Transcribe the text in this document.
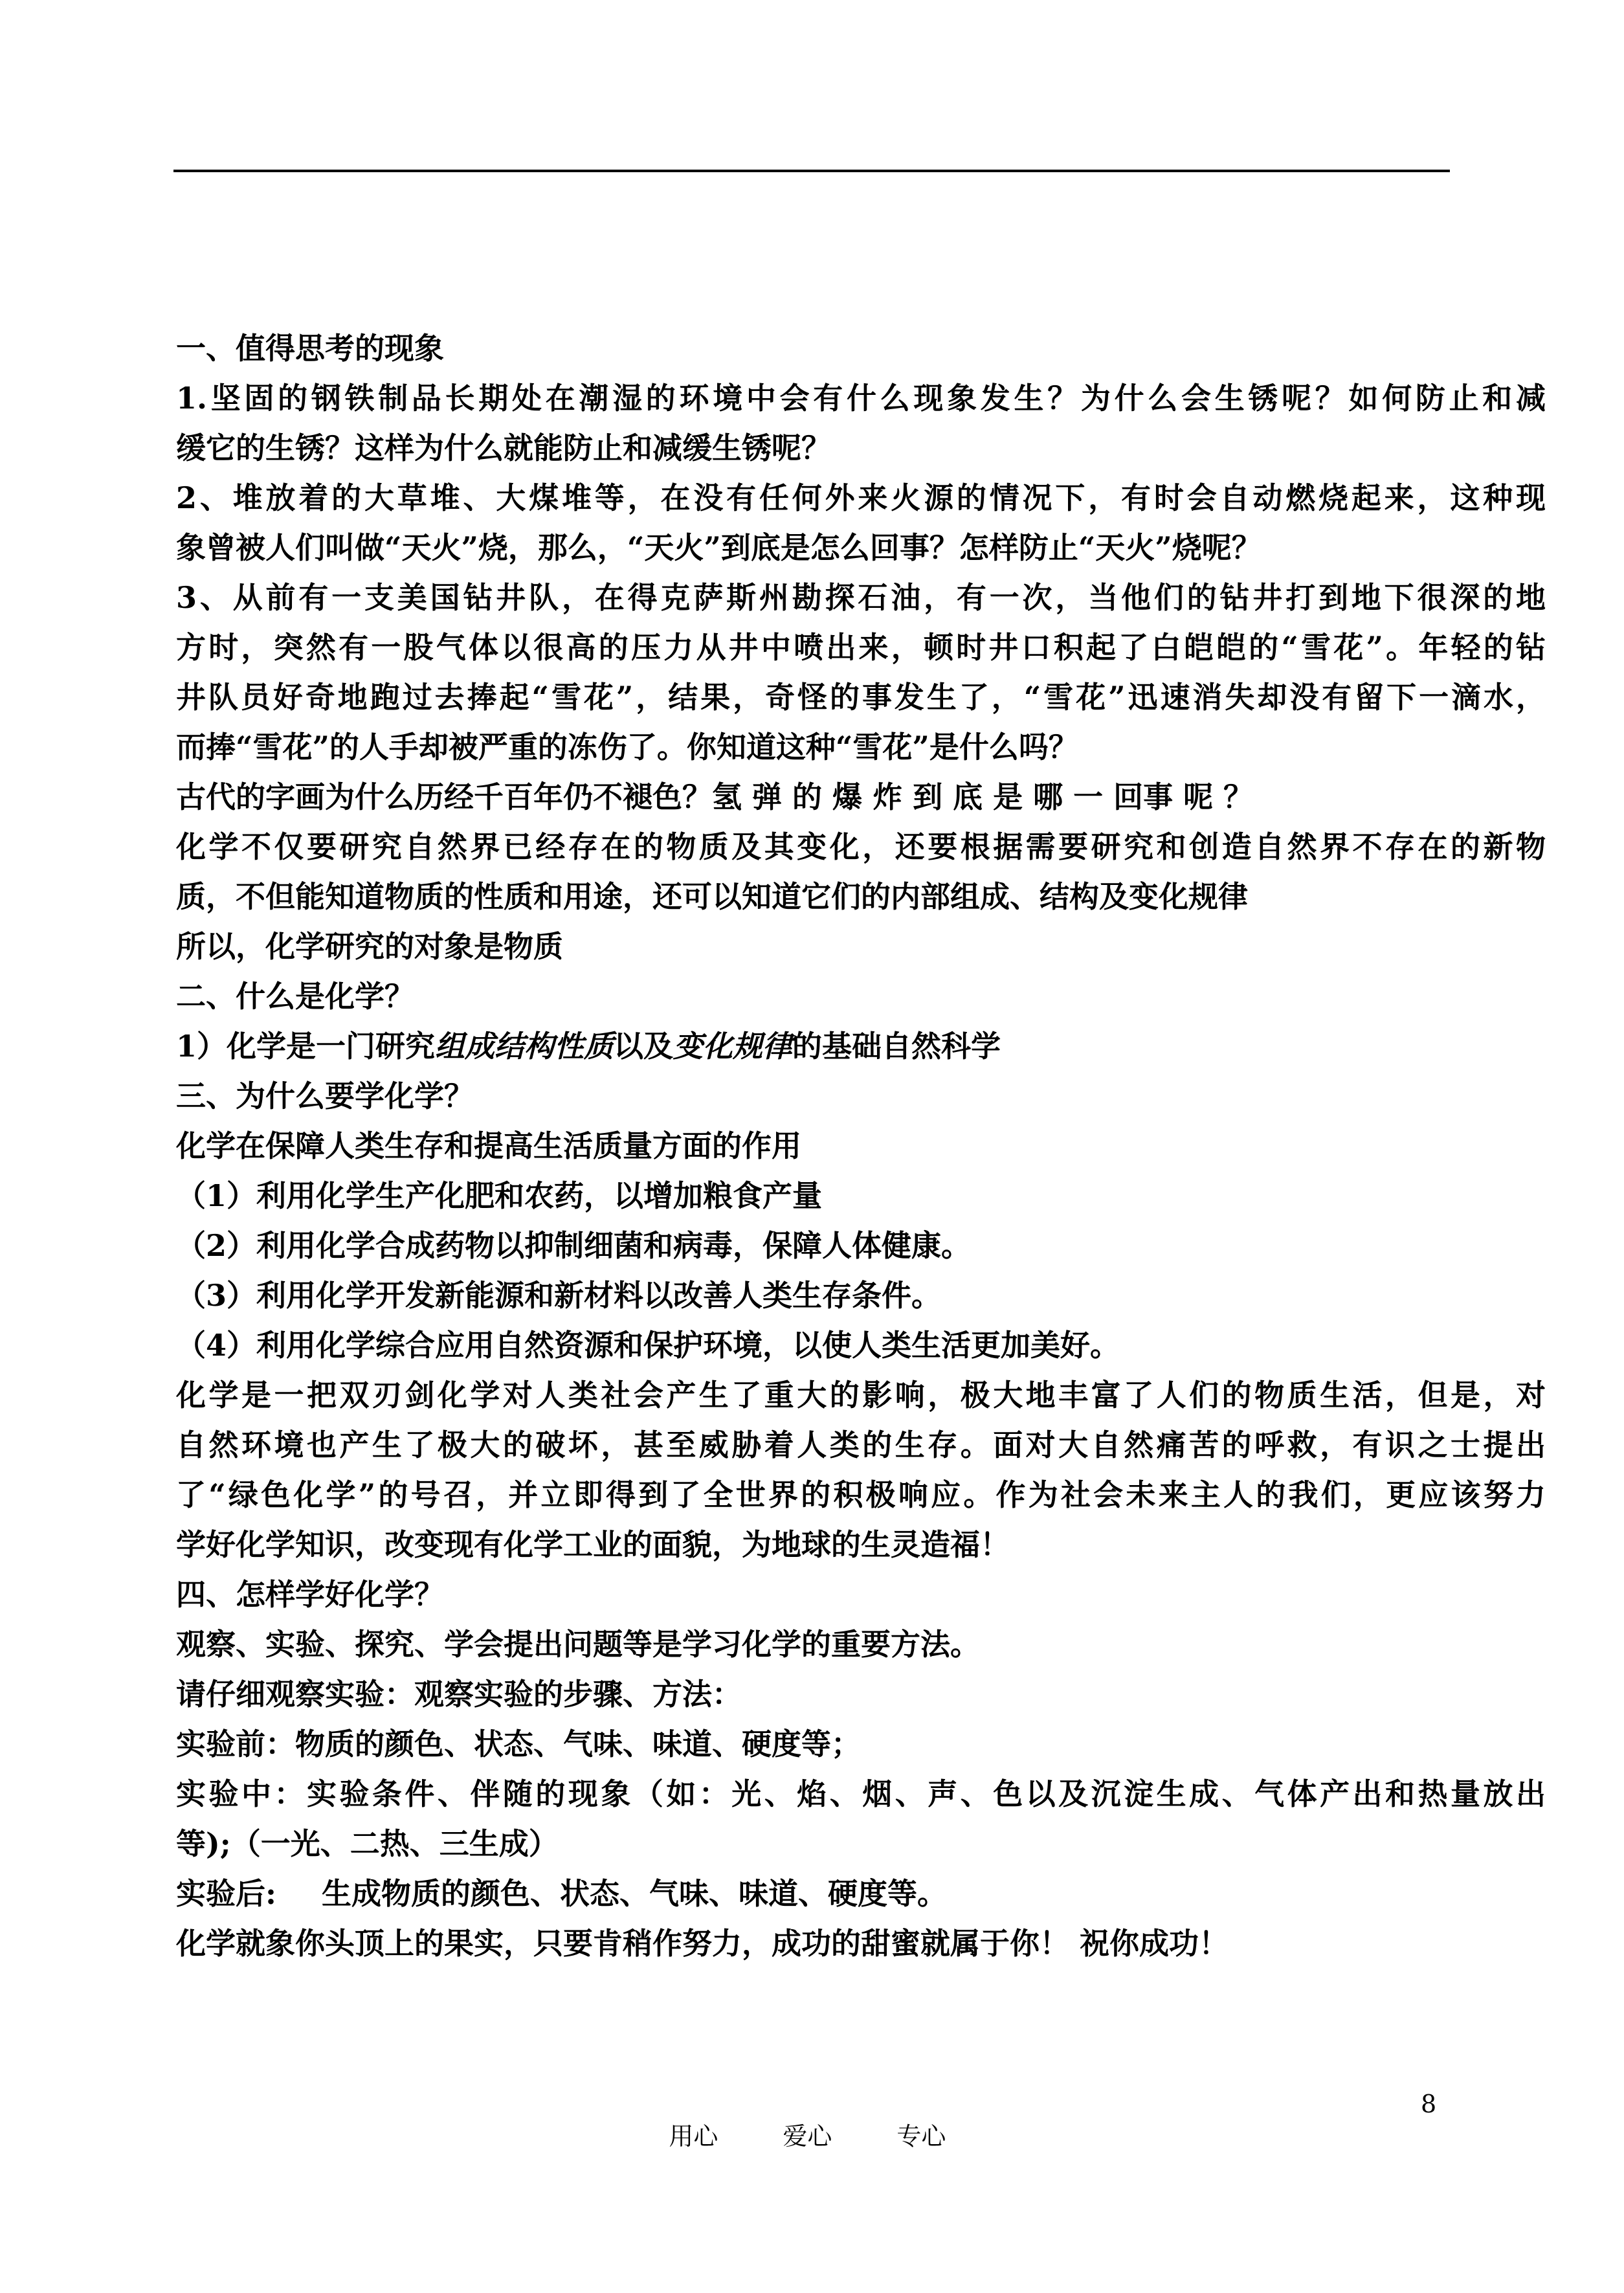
一、值得思考的现象
1.坚固的钢铁制品长期处在潮湿的环境中会有什么现象发生？为什么会生锈呢？如何防止和减
缓它的生锈？这样为什么就能防止和减缓生锈呢？
2、堆放着的大草堆、大煤堆等，在没有任何外来火源的情况下，有时会自动燃烧起来，这种现
象曾被人们叫做“天火”烧，那么，“天火”到底是怎么回事？怎样防止“天火”烧呢？
3、从前有一支美国钻井队，在得克萨斯州勘探石油，有一次，当他们的钻井打到地下很深的地
方时，突然有一股气体以很高的压力从井中喷出来，顿时井口积起了白皑皑的“雪花”。年轻的钻
井队员好奇地跑过去捧起“雪花”，结果，奇怪的事发生了，“雪花”迅速消失却没有留下一滴水，
而捧“雪花”的人手却被严重的冻伤了。你知道这种“雪花”是什么吗？
古代的字画为什么历经千百年仍不褪色？氢 弹 的 爆 炸 到 底 是 哪 一 回事 呢 ？
化学不仅要研究自然界已经存在的物质及其变化，还要根据需要研究和创造自然界不存在的新物
质，不但能知道物质的性质和用途，还可以知道它们的内部组成、结构及变化规律
所以，化学研究的对象是物质
二、什么是化学？
1）化学是一门研究组成结构性质以及变化规律的基础自然科学
三、为什么要学化学？
化学在保障人类生存和提高生活质量方面的作用
（1）利用化学生产化肥和农药，以增加粮食产量
（2）利用化学合成药物以抑制细菌和病毒，保障人体健康。
（3）利用化学开发新能源和新材料以改善人类生存条件。
（4）利用化学综合应用自然资源和保护环境，以使人类生活更加美好。
化学是一把双刃剑化学对人类社会产生了重大的影响，极大地丰富了人们的物质生活，但是，对
自然环境也产生了极大的破坏，甚至威胁着人类的生存。面对大自然痛苦的呼救，有识之士提出
了“绿色化学”的号召，并立即得到了全世界的积极响应。作为社会未来主人的我们，更应该努力
学好化学知识，改变现有化学工业的面貌，为地球的生灵造福！
四、怎样学好化学？
观察、实验、探究、学会提出问题等是学习化学的重要方法。
请仔细观察实验：观察实验的步骤、方法：
实验前：物质的颜色、状态、气味、味道、硬度等；
实验中：实验条件、伴随的现象（如：光、焰、烟、声、色以及沉淀生成、气体产出和热量放出
等);（一光、二热、三生成）
实验后: 生成物质的颜色、状态、气味、味道、硬度等。
化学就象你头顶上的果实，只要肯稍作努力，成功的甜蜜就属于你！ 祝你成功！

用心	爱心	专心

8
